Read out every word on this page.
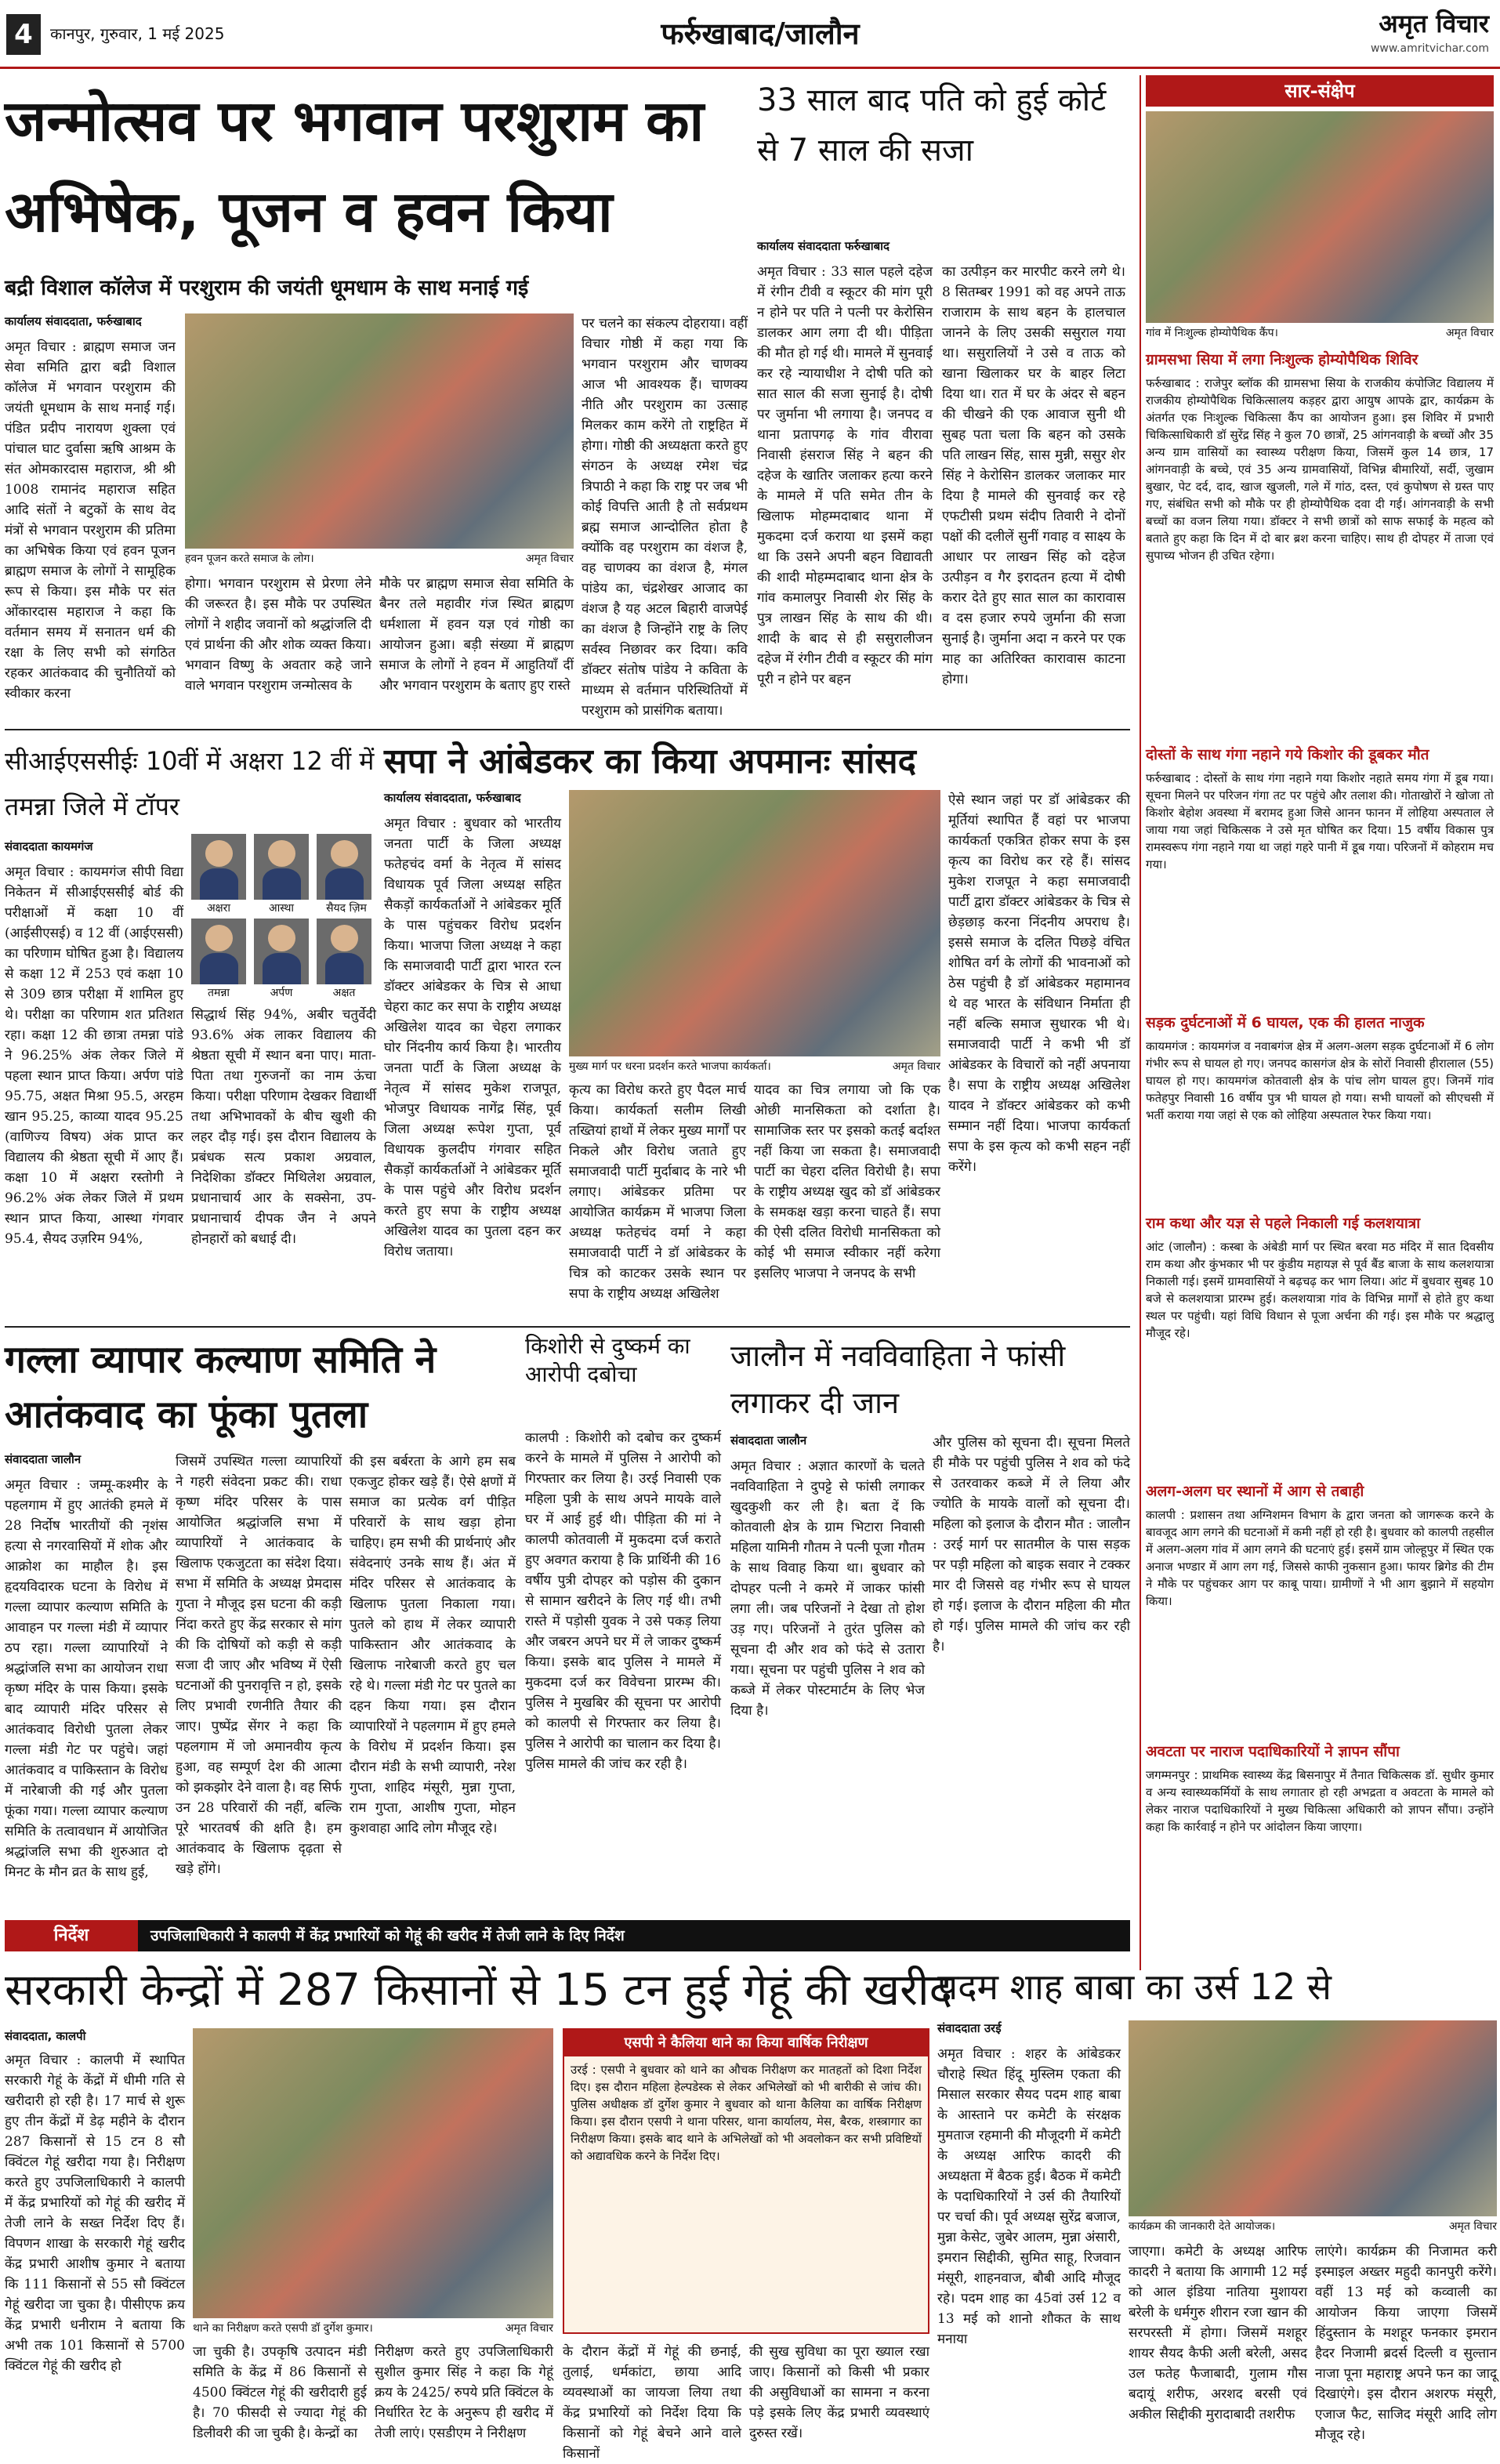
4	कानपुर, गुरुवार, 1 मई 2025	फर्रुखाबाद/जालौन	अमृत विचार
www.amritvichar.com
जन्मोत्सव पर भगवान परशुराम का अभिषेक, पूजन व हवन किया
बद्री विशाल कॉलेज में परशुराम की जयंती धूमधाम के साथ मनाई गई
कार्यालय संवाददाता, फर्रुखाबाद
अमृत विचार : ब्राह्मण समाज जन सेवा समिति द्वारा बद्री विशाल कॉलेज में भगवान परशुराम की जयंती धूमधाम के साथ मनाई गई। पंडित प्रदीप नारायण शुक्ला एवं पांचाल घाट दुर्वासा ऋषि आश्रम के संत ओमकारदास महाराज, श्री श्री 1008 रामानंद महाराज सहित आदि संतों ने बटुकों के साथ वेद मंत्रों से भगवान परशुराम की प्रतिमा का अभिषेक किया एवं हवन पूजन ब्राह्मण समाज के लोगों ने सामूहिक रूप से किया। इस मौके पर संत ओंकारदास महाराज ने कहा कि वर्तमान समय में सनातन धर्म की रक्षा के लिए सभी को संगठित रहकर आतंकवाद की चुनौतियों को स्वीकार करना
हवन पूजन करते समाज के लोग।	अमृत विचार
होगा। भगवान परशुराम से प्रेरणा लेने की जरूरत है। इस मौके पर उपस्थित लोगों ने शहीद जवानों को श्रद्धांजलि दी एवं प्रार्थना की और शोक व्यक्त किया। भगवान विष्णु के अवतार कहे जाने वाले भगवान परशुराम जन्मोत्सव के
मौके पर ब्राह्मण समाज सेवा समिति के बैनर तले महावीर गंज स्थित ब्राह्मण धर्मशाला में हवन यज्ञ एवं गोष्ठी का आयोजन हुआ। बड़ी संख्या में ब्राह्मण समाज के लोगों ने हवन में आहुतियाँ दीं और भगवान परशुराम के बताए हुए रास्ते
पर चलने का संकल्प दोहराया। वहीं विचार गोष्ठी में कहा गया कि भगवान परशुराम और चाणक्य आज भी आवश्यक हैं। चाणक्य नीति और परशुराम का उत्साह मिलकर काम करेंगे तो राष्ट्रहित में होगा। गोष्ठी की अध्यक्षता करते हुए संगठन के अध्यक्ष रमेश चंद्र त्रिपाठी ने कहा कि राष्ट्र पर जब भी कोई विपत्ति आती है तो सर्वप्रथम ब्रह्म समाज आन्दोलित होता है क्योंकि वह परशुराम का वंशज है, वह चाणक्य का वंशज है, मंगल पांडेय का, चंद्रशेखर आजाद का वंशज है यह अटल बिहारी वाजपेई का वंशज है जिन्होंने राष्ट्र के लिए सर्वस्व निछावर कर दिया। कवि डॉक्टर संतोष पांडेय ने कविता के माध्यम से वर्तमान परिस्थितियों में परशुराम को प्रासंगिक बताया।
33 साल बाद पति को हुई कोर्ट से 7 साल की सजा
कार्यालय संवाददाता फर्रुखाबाद
अमृत विचार : 33 साल पहले दहेज में रंगीन टीवी व स्कूटर की मांग पूरी न होने पर पति ने पत्नी पर केरोसिन डालकर आग लगा दी थी। पीड़िता की मौत हो गई थी। मामले में सुनवाई कर रहे न्यायाधीश ने दोषी पति को सात साल की सजा सुनाई है। दोषी पर जुर्माना भी लगाया है। जनपद व थाना प्रतापगढ़ के गांव वीरावा निवासी हंसराज सिंह ने बहन की दहेज के खातिर जलाकर हत्या करने के मामले में पति समेत तीन के खिलाफ मोहम्मदाबाद थाना में मुकदमा दर्ज कराया था इसमें कहा था कि उसने अपनी बहन विद्यावती की शादी मोहम्मदाबाद थाना क्षेत्र के गांव कमालपुर निवासी शेर सिंह के पुत्र लाखन सिंह के साथ की थी। शादी के बाद से ही ससुरालीजन दहेज में रंगीन टीवी व स्कूटर की मांग पूरी न होने पर बहन
का उत्पीड़न कर मारपीट करने लगे थे। 8 सितम्बर 1991 को वह अपने ताऊ राजाराम के साथ बहन के हालचाल जानने के लिए उसकी ससुराल गया था। ससुरालियों ने उसे व ताऊ को खाना खिलाकर घर के बाहर लिटा दिया था। रात में घर के अंदर से बहन की चीखने की एक आवाज सुनी थी सुबह पता चला कि बहन को उसके पति लाखन सिंह, सास मुन्नी, ससुर शेर सिंह ने केरोसिन डालकर जलाकर मार दिया है मामले की सुनवाई कर रहे एफटीसी प्रथम संदीप तिवारी ने दोनों पक्षों की दलीलें सुनीं गवाह व साक्ष्य के आधार पर लाखन सिंह को दहेज उत्पीड़न व गैर इरादतन हत्या में दोषी करार देते हुए सात साल का कारावास व दस हजार रुपये जुर्माना की सजा सुनाई है। जुर्माना अदा न करने पर एक माह का अतिरिक्त कारावास काटना होगा।
सार-संक्षेप
गांव में निःशुल्क होम्योपैथिक कैंप।	अमृत विचार
ग्रामसभा सिया में लगा निःशुल्क होम्योपैथिक शिविर
फर्रुखाबाद : राजेपुर ब्लॉक की ग्रामसभा सिया के राजकीय कंपोजिट विद्यालय में राजकीय होम्योपैथिक चिकित्सालय कड़हर द्वारा आयुष आपके द्वार, कार्यक्रम के अंतर्गत एक निःशुल्क चिकित्सा कैंप का आयोजन हुआ। इस शिविर में प्रभारी चिकित्साधिकारी डॉ सुरेंद्र सिंह ने कुल 70 छात्रों, 25 आंगनवाड़ी के बच्चों और 35 अन्य ग्राम वासियों का स्वास्थ्य परीक्षण किया, जिसमें कुल 14 छात्र, 17 आंगनवाड़ी के बच्चे, एवं 35 अन्य ग्रामवासियों, विभिन्न बीमारियों, सर्दी, जुखाम बुखार, पेट दर्द, दाद, खाज खुजली, गले में गांठ, दस्त, एवं कुपोषण से ग्रस्त पाए गए, संबंधित सभी को मौके पर ही होम्योपैथिक दवा दी गई। आंगनवाड़ी के सभी बच्चों का वजन लिया गया। डॉक्टर ने सभी छात्रों को साफ सफाई के महत्व को बताते हुए कहा कि दिन में दो बार ब्रश करना चाहिए। साथ ही दोपहर में ताजा एवं सुपाच्य भोजन ही उचित रहेगा।
दोस्तों के साथ गंगा नहाने गये किशोर की डूबकर मौत
फर्रुखाबाद : दोस्तों के साथ गंगा नहाने गया किशोर नहाते समय गंगा में डूब गया। सूचना मिलने पर परिजन गंगा तट पर पहुंचे और तलाश की। गोताखोरों ने खोजा तो किशोर बेहोश अवस्था में बरामद हुआ जिसे आनन फानन में लोहिया अस्पताल ले जाया गया जहां चिकित्सक ने उसे मृत घोषित कर दिया। 15 वर्षीय विकास पुत्र रामस्वरूप गंगा नहाने गया था जहां गहरे पानी में डूब गया। परिजनों में कोहराम मच गया।
सड़क दुर्घटनाओं में 6 घायल, एक की हालत नाजुक
कायमगंज : कायमगंज व नवाबगंज क्षेत्र में अलग-अलग सड़क दुर्घटनाओं में 6 लोग गंभीर रूप से घायल हो गए। जनपद कासगंज क्षेत्र के सोरों निवासी हीरालाल (55) घायल हो गए। कायमगंज कोतवाली क्षेत्र के पांच लोग घायल हुए। जिनमें गांव फतेहपुर निवासी 16 वर्षीय पुत्र भी घायल हो गया। सभी घायलों को सीएचसी में भर्ती कराया गया जहां से एक को लोहिया अस्पताल रेफर किया गया।
राम कथा और यज्ञ से पहले निकाली गई कलशयात्रा
आंट (जालौन) : कस्बा के अंबेडी मार्ग पर स्थित बरवा मठ मंदिर में सात दिवसीय राम कथा और कुंभकार भी पर कुंडीय महायज्ञ से पूर्व बैंड बाजा के साथ कलशयात्रा निकाली गई। इसमें ग्रामवासियों ने बढ़चढ़ कर भाग लिया। आंट में बुधवार सुबह 10 बजे से कलशयात्रा प्रारम्भ हुई। कलशयात्रा गांव के विभिन्न मार्गों से होते हुए कथा स्थल पर पहुंची। यहां विधि विधान से पूजा अर्चना की गई। इस मौके पर श्रद्धालु मौजूद रहे।
अलग-अलग घर स्थानों में आग से तबाही
कालपी : प्रशासन तथा अग्निशमन विभाग के द्वारा जनता को जागरूक करने के बावजूद आग लगने की घटनाओं में कमी नहीं हो रही है। बुधवार को कालपी तहसील में अलग-अलग गांव में आग लगने की घटनाएं हुई। इसमें ग्राम जोल्हूपुर में स्थित एक अनाज भण्डार में आग लग गई, जिससे काफी नुकसान हुआ। फायर ब्रिगेड की टीम ने मौके पर पहुंचकर आग पर काबू पाया। ग्रामीणों ने भी आग बुझाने में सहयोग किया।
अवटता पर नाराज पदाधिकारियों ने ज्ञापन सौंपा
जगम्मनपुर : प्राथमिक स्वास्थ्य केंद्र बिसनापुर में तैनात चिकित्सक डॉ. सुधीर कुमार व अन्य स्वास्थ्यकर्मियों के साथ लगातार हो रही अभद्रता व अवटता के मामले को लेकर नाराज पदाधिकारियों ने मुख्य चिकित्सा अधिकारी को ज्ञापन सौंपा। उन्होंने कहा कि कार्रवाई न होने पर आंदोलन किया जाएगा।
सीआईएससीईः 10वीं में अक्षरा 12 वीं में तमन्ना जिले में टॉपर
संवाददाता कायमगंज
अमृत विचार : कायमगंज सीपी विद्या निकेतन में सीआईएससीई बोर्ड की परीक्षाओं में कक्षा 10 वीं (आईसीएसई) व 12 वीं (आईएससी) का परिणाम घोषित हुआ है। विद्यालय से कक्षा 12 में 253 एवं कक्षा 10 से 309 छात्र परीक्षा में शामिल हुए थे। परीक्षा का परिणाम शत प्रतिशत रहा। कक्षा 12 की छात्रा तमन्ना पांडे ने 96.25% अंक लेकर जिले में पहला स्थान प्राप्त किया। अर्पण पांडे 95.75, अक्षत मिश्रा 95.5, अरहम खान 95.25, काव्या यादव 95.25 (वाणिज्य विषय) अंक प्राप्त कर विद्यालय की श्रेष्ठता सूची में आए हैं। कक्षा 10 में अक्षरा रस्तोगी ने 96.2% अंक लेकर जिले में प्रथम स्थान प्राप्त किया, आस्था गंगवार 95.4, सैयद उज़रिम 94%,
अक्षरा	आस्था	सैयद ज़िम
तमन्ना	अर्पण	अक्षत
सिद्धार्थ सिंह 94%, अबीर चतुर्वेदी 93.6% अंक लाकर विद्यालय की श्रेष्ठता सूची में स्थान बना पाए। माता-पिता तथा गुरुजनों का नाम ऊंचा किया। परीक्षा परिणाम देखकर विद्यार्थी तथा अभिभावकों के बीच खुशी की लहर दौड़ गई। इस दौरान विद्यालय के प्रबंधक सत्य प्रकाश अग्रवाल, निदेशिका डॉक्टर मिथिलेश अग्रवाल, प्रधानाचार्य आर के सक्सेना, उप-प्रधानाचार्य दीपक जैन ने अपने होनहारों को बधाई दी।
सपा ने आंबेडकर का किया अपमानः सांसद
कार्यालय संवाददाता, फर्रुखाबाद
अमृत विचार : बुधवार को भारतीय जनता पार्टी के जिला अध्यक्ष फतेहचंद वर्मा के नेतृत्व में सांसद विधायक पूर्व जिला अध्यक्ष सहित सैकड़ों कार्यकर्ताओं ने आंबेडकर मूर्ति के पास पहुंचकर विरोध प्रदर्शन किया। भाजपा जिला अध्यक्ष ने कहा कि समाजवादी पार्टी द्वारा भारत रत्न डॉक्टर आंबेडकर के चित्र से आधा चेहरा काट कर सपा के राष्ट्रीय अध्यक्ष अखिलेश यादव का चेहरा लगाकर घोर निंदनीय कार्य किया है। भारतीय जनता पार्टी के जिला अध्यक्ष के नेतृत्व में सांसद मुकेश राजपूत, भोजपुर विधायक नागेंद्र सिंह, पूर्व जिला अध्यक्ष रूपेश गुप्ता, पूर्व विधायक कुलदीप गंगवार सहित सैकड़ों कार्यकर्ताओं ने आंबेडकर मूर्ति के पास पहुंचे और विरोध प्रदर्शन करते हुए सपा के राष्ट्रीय अध्यक्ष अखिलेश यादव का पुतला दहन कर विरोध जताया।
मुख्य मार्ग पर धरना प्रदर्शन करते भाजपा कार्यकर्ता।	अमृत विचार
कृत्य का विरोध करते हुए पैदल मार्च किया। कार्यकर्ता सलीम लिखी तख्तियां हाथों में लेकर मुख्य मार्गों पर निकले और विरोध जताते हुए समाजवादी पार्टी मुर्दाबाद के नारे भी लगाए। आंबेडकर प्रतिमा पर आयोजित कार्यक्रम में भाजपा जिला अध्यक्ष फतेहचंद वर्मा ने कहा समाजवादी पार्टी ने डॉ आंबेडकर के चित्र को काटकर उसके स्थान पर सपा के राष्ट्रीय अध्यक्ष अखिलेश
यादव का चित्र लगाया जो कि एक ओछी मानसिकता को दर्शाता है। सामाजिक स्तर पर इसको कतई बर्दाश्त नहीं किया जा सकता है। समाजवादी पार्टी का चेहरा दलित विरोधी है। सपा के राष्ट्रीय अध्यक्ष खुद को डॉ आंबेडकर के समकक्ष खड़ा करना चाहते हैं। सपा की ऐसी दलित विरोधी मानसिकता को कोई भी समाज स्वीकार नहीं करेगा इसलिए भाजपा ने जनपद के सभी
ऐसे स्थान जहां पर डॉ आंबेडकर की मूर्तियां स्थापित हैं वहां पर भाजपा कार्यकर्ता एकत्रित होकर सपा के इस कृत्य का विरोध कर रहे हैं। सांसद मुकेश राजपूत ने कहा समाजवादी पार्टी द्वारा डॉक्टर आंबेडकर के चित्र से छेड़छाड़ करना निंदनीय अपराध है। इससे समाज के दलित पिछड़े वंचित शोषित वर्ग के लोगों की भावनाओं को ठेस पहुंची है डॉ आंबेडकर महामानव थे वह भारत के संविधान निर्माता ही नहीं बल्कि समाज सुधारक भी थे। समाजवादी पार्टी ने कभी भी डॉ आंबेडकर के विचारों को नहीं अपनाया है। सपा के राष्ट्रीय अध्यक्ष अखिलेश यादव ने डॉक्टर आंबेडकर को कभी सम्मान नहीं दिया। भाजपा कार्यकर्ता सपा के इस कृत्य को कभी सहन नहीं करेंगे।
गल्ला व्यापार कल्याण समिति ने आतंकवाद का फूंका पुतला
संवाददाता जालौन
अमृत विचार : जम्मू-कश्मीर के पहलगाम में हुए आतंकी हमले में 28 निर्दोष भारतीयों की नृशंस हत्या से नगरवासियों में शोक और आक्रोश का माहौल है। इस हृदयविदारक घटना के विरोध में गल्ला व्यापार कल्याण समिति के आवाहन पर गल्ला मंडी में व्यापार ठप रहा। गल्ला व्यापारियों ने श्रद्धांजलि सभा का आयोजन राधा कृष्ण मंदिर के पास किया। इसके बाद व्यापारी मंदिर परिसर से आतंकवाद विरोधी पुतला लेकर गल्ला मंडी गेट पर पहुंचे। जहां आतंकवाद व पाकिस्तान के विरोध में नारेबाजी की गई और पुतला फूंका गया। गल्ला व्यापार कल्याण समिति के तत्वावधान में आयोजित श्रद्धांजलि सभा की शुरुआत दो मिनट के मौन व्रत के साथ हुई,
जिसमें उपस्थित गल्ला व्यापारियों ने गहरी संवेदना प्रकट की। राधा कृष्ण मंदिर परिसर के पास आयोजित श्रद्धांजलि सभा में व्यापारियों ने आतंकवाद के खिलाफ एकजुटता का संदेश दिया। सभा में समिति के अध्यक्ष प्रेमदास गुप्ता ने मौजूद इस घटना की कड़ी निंदा करते हुए केंद्र सरकार से मांग की कि दोषियों को कड़ी से कड़ी सजा दी जाए और भविष्य में ऐसी घटनाओं की पुनरावृत्ति न हो, इसके लिए प्रभावी रणनीति तैयार की जाए। पुष्पेंद्र सेंगर ने कहा कि पहलगाम में जो अमानवीय कृत्य हुआ, वह सम्पूर्ण देश की आत्मा को झकझोर देने वाला है। वह सिर्फ उन 28 परिवारों की नहीं, बल्कि पूरे भारतवर्ष की क्षति है। हम आतंकवाद के खिलाफ दृढ़ता से खड़े होंगे।
की इस बर्बरता के आगे हम सब एकजुट होकर खड़े हैं। ऐसे क्षणों में समाज का प्रत्येक वर्ग पीड़ित परिवारों के साथ खड़ा होना चाहिए। हम सभी की प्रार्थनाएं और संवेदनाएं उनके साथ हैं। अंत में मंदिर परिसर से आतंकवाद के खिलाफ पुतला निकाला गया। पुतले को हाथ में लेकर व्यापारी पाकिस्तान और आतंकवाद के खिलाफ नारेबाजी करते हुए चल रहे थे। गल्ला मंडी गेट पर पुतले का दहन किया गया। इस दौरान व्यापारियों ने पहलगाम में हुए हमले के विरोध में प्रदर्शन किया। इस दौरान मंडी के सभी व्यापारी, नरेश गुप्ता, शाहिद मंसूरी, मुन्ना गुप्ता, राम गुप्ता, आशीष गुप्ता, मोहन कुशवाहा आदि लोग मौजूद रहे।
किशोरी से दुष्कर्म का आरोपी दबोचा
कालपी : किशोरी को दबोच कर दुष्कर्म करने के मामले में पुलिस ने आरोपी को गिरफ्तार कर लिया है। उरई निवासी एक महिला पुत्री के साथ अपने मायके वाले घर में आई हुई थी। पीड़िता की मां ने कालपी कोतवाली में मुकदमा दर्ज कराते हुए अवगत कराया है कि प्रार्थिनी की 16 वर्षीय पुत्री दोपहर को पड़ोस की दुकान से सामान खरीदने के लिए गई थी। तभी रास्ते में पड़ोसी युवक ने उसे पकड़ लिया और जबरन अपने घर में ले जाकर दुष्कर्म किया। इसके बाद पुलिस ने मामले में मुकदमा दर्ज कर विवेचना प्रारम्भ की। पुलिस ने मुखबिर की सूचना पर आरोपी को कालपी से गिरफ्तार कर लिया है। पुलिस ने आरोपी का चालान कर दिया है। पुलिस मामले की जांच कर रही है।
जालौन में नवविवाहिता ने फांसी लगाकर दी जान
संवाददाता जालौन
अमृत विचार : अज्ञात कारणों के चलते नवविवाहिता ने दुपट्टे से फांसी लगाकर खुदकुशी कर ली है। बता दें कि कोतवाली क्षेत्र के ग्राम भिटारा निवासी महिला यामिनी गौतम ने पत्नी पूजा गौतम के साथ विवाह किया था। बुधवार को दोपहर पत्नी ने कमरे में जाकर फांसी लगा ली। जब परिजनों ने देखा तो होश उड़ गए। परिजनों ने तुरंत पुलिस को सूचना दी और शव को फंदे से उतारा गया। सूचना पर पहुंची पुलिस ने शव को कब्जे में लेकर पोस्टमार्टम के लिए भेज दिया है।
और पुलिस को सूचना दी। सूचना मिलते ही मौके पर पहुंची पुलिस ने शव को फंदे से उतरवाकर कब्जे में ले लिया और ज्योति के मायके वालों को सूचना दी। महिला को इलाज के दौरान मौत : जालौन : उरई मार्ग पर सातमील के पास सड़क पर पड़ी महिला को बाइक सवार ने टक्कर मार दी जिससे वह गंभीर रूप से घायल हो गई। इलाज के दौरान महिला की मौत हो गई। पुलिस मामले की जांच कर रही है।
निर्देश	उपजिलाधिकारी ने कालपी में केंद्र प्रभारियों को गेहूं की खरीद में तेजी लाने के दिए निर्देश
सरकारी केन्द्रों में 287 किसानों से 15 टन हुई गेहूं की खरीद
संवाददाता, कालपी
अमृत विचार : कालपी में स्थापित सरकारी गेहूं के केंद्रों में धीमी गति से खरीदारी हो रही है। 17 मार्च से शुरू हुए तीन केंद्रों में डेढ़ महीने के दौरान 287 किसानों से 15 टन 8 सौ क्विंटल गेहूं खरीदा गया है। निरीक्षण करते हुए उपजिलाधिकारी ने कालपी में केंद्र प्रभारियों को गेहूं की खरीद में तेजी लाने के सख्त निर्देश दिए हैं। विपणन शाखा के सरकारी गेहूं खरीद केंद्र प्रभारी आशीष कुमार ने बताया कि 111 किसानों से 55 सौ क्विंटल गेहूं खरीदा जा चुका है। पीसीएफ क्रय केंद्र प्रभारी धनीराम ने बताया कि अभी तक 101 किसानों से 5700 क्विंटल गेहूं की खरीद हो
थाने का निरीक्षण करते एसपी डॉ दुर्गेश कुमार।	अमृत विचार
जा चुकी है। उपकृषि उत्पादन मंडी समिति के केंद्र में 86 किसानों से 4500 क्विंटल गेहूं की खरीदारी हुई है। 70 फीसदी से ज्यादा गेहूं की डिलीवरी की जा चुकी है। केन्द्रों का
निरीक्षण करते हुए उपजिलाधिकारी सुशील कुमार सिंह ने कहा कि गेहूं क्रय के 2425/ रुपये प्रति क्विंटल के निर्धारित रेट के अनुरूप ही खरीद में तेजी लाएं। एसडीएम ने निरीक्षण
एसपी ने कैलिया थाने का किया वार्षिक निरीक्षण
उरई : एसपी ने बुधवार को थाने का औचक निरीक्षण कर मातहतों को दिशा निर्देश दिए। इस दौरान महिला हेल्पडेस्क से लेकर अभिलेखों को भी बारीकी से जांच की। पुलिस अधीक्षक डॉ दुर्गेश कुमार ने बुधवार को थाना कैलिया का वार्षिक निरीक्षण किया। इस दौरान एसपी ने थाना परिसर, थाना कार्यालय, मेस, बैरक, शस्त्रागार का निरीक्षण किया। इसके बाद थाने के अभिलेखों को भी अवलोकन कर सभी प्रविष्टियों को अद्यावधिक करने के निर्देश दिए।
के दौरान केंद्रों में गेहूं की छनाई, तुलाई, धर्मकांटा, छाया आदि व्यवस्थाओं का जायजा लिया तथा केंद्र प्रभारियों को निर्देश दिया कि किसानों को गेहूं बेचने आने वाले किसानों
की सुख सुविधा का पूरा ख्याल रखा जाए। किसानों को किसी भी प्रकार की असुविधाओं का सामना न करना पड़े इसके लिए केंद्र प्रभारी व्यवस्थाएं दुरुस्त रखें।
पदम शाह बाबा का उर्स 12 से
संवाददाता उरई
अमृत विचार : शहर के आंबेडकर चौराहे स्थित हिंदू मुस्लिम एकता की मिसाल सरकार सैयद पदम शाह बाबा के आस्ताने पर कमेटी के संरक्षक मुमताज रहमानी की मौजूदगी में कमेटी के अध्यक्ष आरिफ कादरी की अध्यक्षता में बैठक हुई। बैठक में कमेटी के पदाधिकारियों ने उर्स की तैयारियों पर चर्चा की। पूर्व अध्यक्ष सुरेंद्र बजाज, मुन्ना केसेट, जुबेर आलम, मुन्ना अंसारी, इमरान सिद्दीकी, सुमित साहू, रिजवान मंसूरी, शाहनवाज, बौबी आदि मौजूद रहे। पदम शाह का 45वां उर्स 12 व 13 मई को शानो शौकत के साथ मनाया
कार्यक्रम की जानकारी देते आयोजक।	अमृत विचार
जाएगा। कमेटी के अध्यक्ष आरिफ कादरी ने बताया कि आगामी 12 मई को आल इंडिया नातिया मुशायरा बरेली के धर्मगुरु शीरान रजा खान की सरपरस्ती में होगा। जिसमें मशहूर शायर सैयद कैफी अली बरेली, असद उल फतेह फैजाबादी, गुलाम गौस बदायूं शरीफ, अरशद बरसी एवं अकील सिद्दीकी मुरादाबादी तशरीफ
लाएंगे। कार्यक्रम की निजामत करी इस्माइल अख्तर महुदी कानपुरी करेंगे। वहीं 13 मई को कव्वाली का आयोजन किया जाएगा जिसमें हिंदुस्तान के मशहूर फनकार इमरान हैदर निजामी ब्रदर्स दिल्ली व सुल्तान नाजा पूना महाराष्ट्र अपने फन का जादू दिखाएंगे। इस दौरान अशरफ मंसूरी, एजाज फैट, साजिद मंसूरी आदि लोग मौजूद रहे।
